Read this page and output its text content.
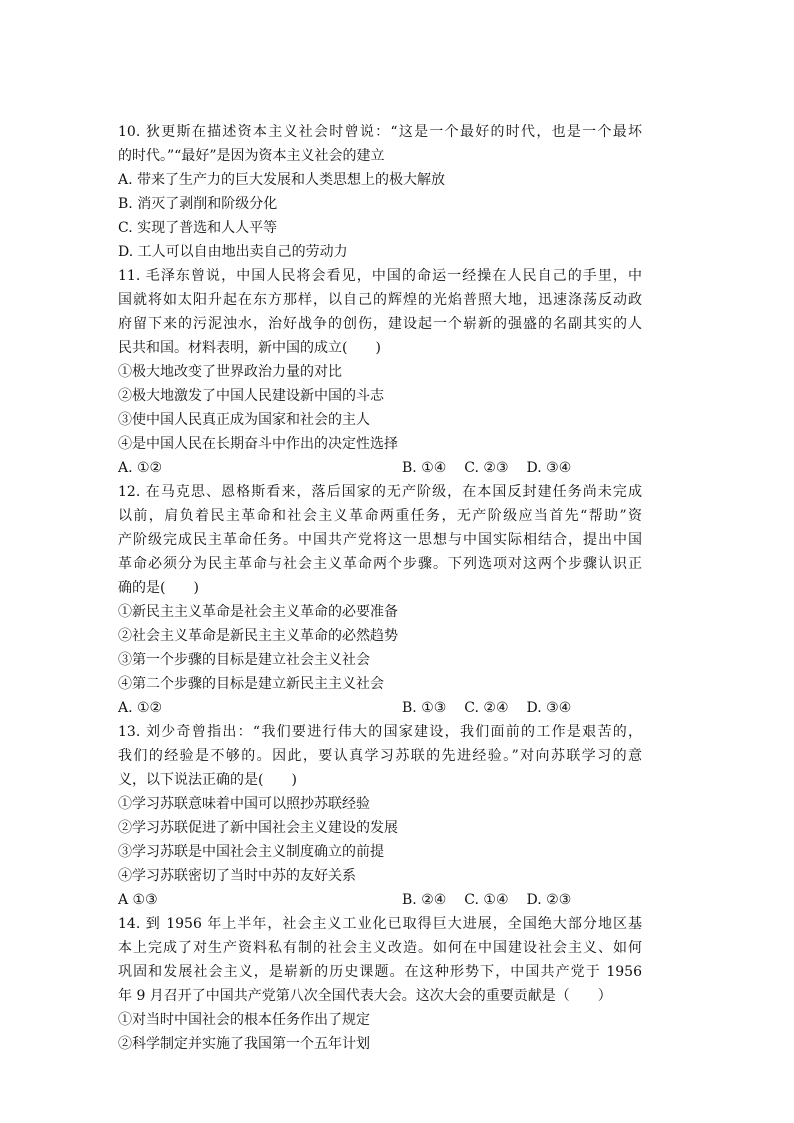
10. 狄更斯在描述资本主义社会时曾说：“这是一个最好的时代，也是一个最坏
的时代。”“最好”是因为资本主义社会的建立
A. 带来了生产力的巨大发展和人类思想上的极大解放
B. 消灭了剥削和阶级分化
C. 实现了普选和人人平等
D. 工人可以自由地出卖自己的劳动力
11. 毛泽东曾说，中国人民将会看见，中国的命运一经操在人民自己的手里，中
国就将如太阳升起在东方那样，以自己的辉煌的光焰普照大地，迅速涤荡反动政
府留下来的污泥浊水，治好战争的创伤，建设起一个崭新的强盛的名副其实的人
民共和国。材料表明，新中国的成立(　　)
①极大地改变了世界政治力量的对比
②极大地激发了中国人民建设新中国的斗志
③使中国人民真正成为国家和社会的主人
④是中国人民在长期奋斗中作出的决定性选择
A. ①②	B. ①④ C. ②③ D. ③④
12. 在马克思、恩格斯看来，落后国家的无产阶级，在本国反封建任务尚未完成
以前，肩负着民主革命和社会主义革命两重任务，无产阶级应当首先“帮助”资
产阶级完成民主革命任务。中国共产党将这一思想与中国实际相结合，提出中国
革命必须分为民主革命与社会主义革命两个步骤。下列选项对这两个步骤认识正
确的是(　　)
①新民主主义革命是社会主义革命的必要准备
②社会主义革命是新民主主义革命的必然趋势
③第一个步骤的目标是建立社会主义社会
④第二个步骤的目标是建立新民主主义社会
A. ①②	B. ①③ C. ②④ D. ③④
13. 刘少奇曾指出：“我们要进行伟大的国家建设，我们面前的工作是艰苦的，
我们的经验是不够的。因此，要认真学习苏联的先进经验。”对向苏联学习的意
义，以下说法正确的是(　　)
①学习苏联意味着中国可以照抄苏联经验
②学习苏联促进了新中国社会主义建设的发展
③学习苏联是中国社会主义制度确立的前提
④学习苏联密切了当时中苏的友好关系
A ①③	B. ②④ C. ①④ D. ②③
14. 到 1956 年上半年，社会主义工业化已取得巨大进展，全国绝大部分地区基
本上完成了对生产资料私有制的社会主义改造。如何在中国建设社会主义、如何
巩固和发展社会主义，是崭新的历史课题。在这种形势下，中国共产党于 1956
年 9 月召开了中国共产党第八次全国代表大会。这次大会的重要贡献是（　　）
①对当时中国社会的根本任务作出了规定
②科学制定并实施了我国第一个五年计划
